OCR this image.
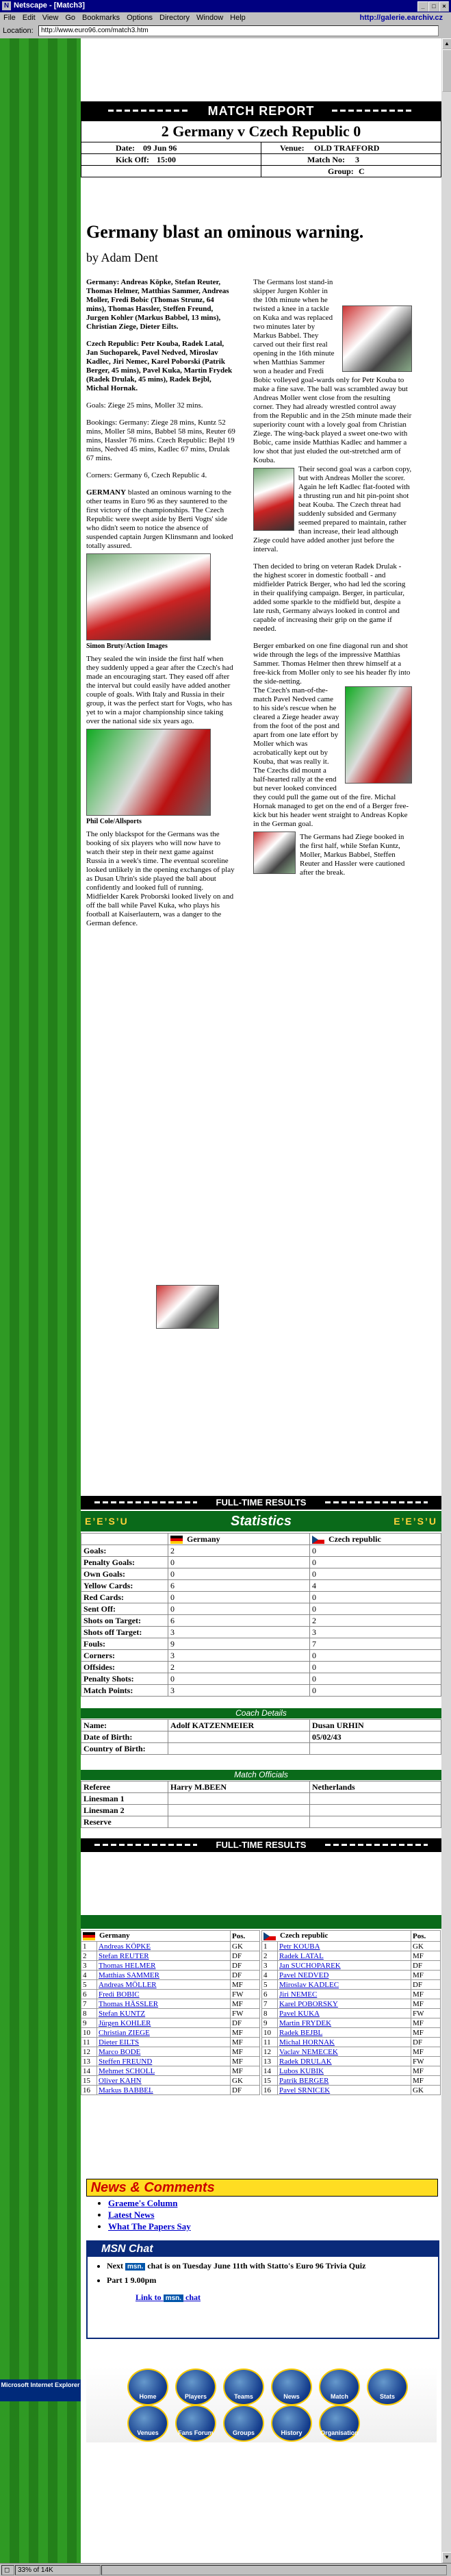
N Netscape - [Match3]	_	□	×
File Edit View Go Bookmarks Options Directory Window Help	http://galerie.earchiv.cz
Location:	http://www.euro96.com/match3.htm
MATCH REPORT
2 Germany v Czech Republic 0
Date: 09 Jun 96	Venue: OLD TRAFFORD
Kick Off: 15:00	Match No: 3
Group: C
Germany blast an ominous warning.
by Adam Dent

Germany: Andreas Köpke, Stefan Reuter, Thomas Helmer, Matthias Sammer, Andreas Moller, Fredi Bobic (Thomas Strunz, 64 mins), Thomas Hassler, Steffen Freund, Jurgen Kohler (Markus Babbel, 13 mins), Christian Ziege, Dieter Eilts.

Czech Republic: Petr Kouba, Radek Latal, Jan Suchoparek, Pavel Nedved, Miroslav Kadlec, Jiri Nemec, Karel Poborski (Patrik Berger, 45 mins), Pavel Kuka, Martin Frydek (Radek Drulak, 45 mins), Radek Bejbl, Michal Hornak.

Goals: Ziege 25 mins, Moller 32 mins.

Bookings: Germany: Ziege 28 mins, Kuntz 52 mins, Moller 58 mins, Babbel 58 mins, Reuter 69 mins, Hassler 76 mins. Czech Republic: Bejbl 19 mins, Nedved 45 mins, Kadlec 67 mins, Drulak 67 mins.

Corners: Germany 6, Czech Republic 4.

GERMANY blasted an ominous warning to the other teams in Euro 96 as they sauntered to the first victory of the championships. The Czech Republic were swept aside by Berti Vogts' side who didn't seem to notice the absence of suspended captain Jurgen Klinsmann and looked totally assured.

Simon Bruty/Action Images

They sealed the win inside the first half when they suddenly upped a gear after the Czech's had made an encouraging start. They eased off after the interval but could easily have added another couple of goals. With Italy and Russia in their group, it was the perfect start for Vogts, who has yet to win a major championship since taking over the national side six years ago.

Phil Cole/Allsports

The only blackspot for the Germans was the booking of six players who will now have to watch their step in their next game against Russia in a week's time. The eventual scoreline looked unlikely in the opening exchanges of play as Dusan Uhrin's side played the ball about confidently and looked full of running. Midfielder Karek Proborski looked lively on and off the ball while Pavel Kuka, who plays his football at Kaiserlautern, was a danger to the German defence.

The Germans lost stand-in skipper Jurgen Kohler in the 10th minute when he twisted a knee in a tackle on Kuka and was replaced two minutes later by Markus Babbel. They carved out their first real opening in the 16th minute when Matthias Sammer won a header and Fredi Bobic volleyed goal-wards only for Petr Kouba to make a fine save. The ball was scrambled away but Andreas Moller went close from the resulting corner. They had already wrestled control away from the Republic and in the 25th minute made their superiority count with a lovely goal from Christian Ziege. The wing-back played a sweet one-two with Bobic, came inside Matthias Kadlec and hammer a low shot that just eluded the out-stretched arm of Kouba.

Their second goal was a carbon copy, but with Andreas Moller the scorer. Again he left Kadlec flat-footed with a thrusting run and hit pin-point shot beat Kouba. The Czech threat had suddenly subsided and Germany seemed prepared to maintain, rather than increase, their lead although Ziege could have added another just before the interval.

Then decided to bring on veteran Radek Drulak - the highest scorer in domestic football - and midfielder Patrick Berger, who had led the scoring in their qualifying campaign. Berger, in particular, added some sparkle to the midfield but, despite a late rush, Germany always looked in control and capable of increasing their grip on the game if needed.

Berger embarked on one fine diagonal run and shot wide through the legs of the impressive Matthias Sammer. Thomas Helmer then threw himself at a free-kick from Moller only to see his header fly into the side-netting.

The Czech's man-of-the-match Pavel Nedved came to his side's rescue when he cleared a Ziege header away from the foot of the post and apart from one late effort by Moller which was acrobatically kept out by Kouba, that was really it. The Czechs did mount a half-hearted rally at the end but never looked convinced they could pull the game out of the fire. Michal Hornak managed to get on the end of a Berger free-kick but his header went straight to Andreas Kopke in the German goal.

The Germans had Ziege booked in the first half, while Stefan Kuntz, Moller, Markus Babbel, Steffen Reuter and Hassler were cautioned after the break.

FULL-TIME RESULTS
E’E’S’U	Statistics	E’E’S’U
	Germany	Czech republic
Goals:	2	0
Penalty Goals:	0	0
Own Goals:	0	0
Yellow Cards:	6	4
Red Cards:	0	0
Sent Off:	0	0
Shots on Target:	6	2
Shots off Target:	3	3
Fouls:	9	7
Corners:	3	0
Offsides:	2	0
Penalty Shots:	0	0
Match Points:	3	0
Coach Details
Name:	Adolf KATZENMEIER	Dusan URHIN
Date of Birth:		05/02/43
Country of Birth:		
Match Officials
Referee	Harry M.BEEN	Netherlands
Linesman 1		
Linesman 2		
Reserve		
FULL-TIME RESULTS
Germany		Pos.
1	Andreas KÖPKE	GK
2	Stefan REUTER	DF
3	Thomas HELMER	DF
4	Matthias SAMMER	DF
5	Andreas MÖLLER	MF
6	Fredi BOBIC	FW
7	Thomas HÄSSLER	MF
8	Stefan KUNTZ	FW
9	Jürgen KOHLER	DF
10	Christian ZIEGE	MF
11	Dieter EILTS	MF
12	Marco BODE	MF
13	Steffen FREUND	MF
14	Mehmet SCHOLL	MF
15	Oliver KAHN	GK
16	Markus BABBEL	DF
Czech republic		Pos.
1	Petr KOUBA	GK
2	Radek LATAL	MF
3	Jan SUCHOPAREK	DF
4	Pavel NEDVED	MF
5	Miroslav KADLEC	DF
6	Jiri NEMEC	MF
7	Karel POBORSKY	MF
8	Pavel KUKA	FW
9	Martin FRYDEK	MF
10	Radek BEJBL	MF
11	Michal HORNAK	DF
12	Vaclav NEMECEK	MF
13	Radek DRULAK	FW
14	Lubos KUBIK	MF
15	Patrik BERGER	MF
16	Pavel SRNICEK	GK
News & Comments
• Graeme's Column
• Latest News
• What The Papers Say
MSN Chat
• Next msn. chat is on Tuesday June 11th with Statto's Euro 96 Trivia Quiz
• Part 1 9.00pm
Link to msn. chat
Home	Players	Teams	News	Match	Stats
Venues	Fans Forum	Groups	History	Organisation
Microsoft Internet Explorer
▲
▼
◻	33% of 14K
